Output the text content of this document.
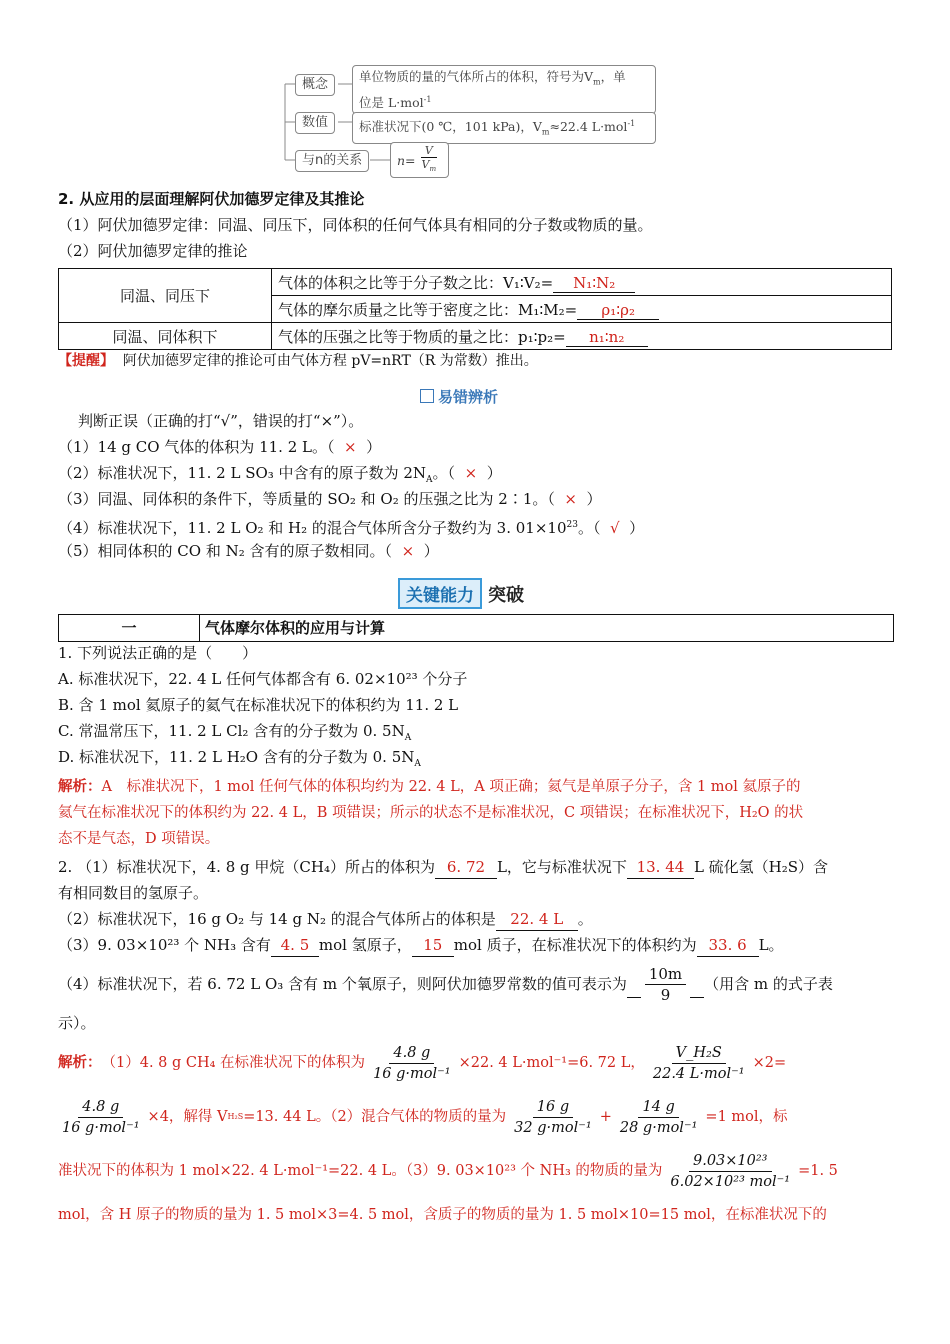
概念
单位物质的量的气体所占的体积，符号为$V_m$，单
位是 L·mol$^{-1}$
数值	标准状况下(0 ℃，101 kPa)，$V_m\approx 22.4$ L·mol$^{-1}$
与n的关系	$n= \frac{V}{V_m}$
2. 从应用的层面理解阿伏加德罗定律及其推论
（1）阿伏加德罗定律：同温、同压下，同体积的任何气体具有相同的分子数或物质的量。
（2）阿伏加德罗定律的推论
同温、同压下	气体的体积之比等于分子数之比：V₁∶V₂= N₁∶N₂
	气体的摩尔质量之比等于密度之比：M₁∶M₂= ρ₁∶ρ₂
同温、同体积下	气体的压强之比等于物质的量之比：p₁∶p₂= n₁∶n₂
【提醒】 阿伏加德罗定律的推论可由气体方程 pV=nRT（R 为常数）推出。
易错辨析
判断正误（正确的打“√”，错误的打“×”）。
（1）14 g CO 气体的体积为 11. 2 L。（ × ）
（2）标准状况下，11. 2 L SO₃ 中含有的原子数为 $2N_A$。（ × ）
（3）同温、同体积的条件下，等质量的 SO₂ 和 O₂ 的压强之比为 2∶1。（ × ）
（4）标准状况下，11. 2 L O₂ 和 H₂ 的混合气体所含分子数约为 3. $01\times 10^{23}$。（ √ ）
（5）相同体积的 CO 和 N₂ 含有的原子数相同。（ × ）
关键能力 突破
一	气体摩尔体积的应用与计算
1. 下列说法正确的是（　　）
A. 标准状况下，22. 4 L 任何气体都含有 6. 02×10²³ 个分子
B. 含 1 mol 氦原子的氦气在标准状况下的体积约为 11. 2 L
C. 常温常压下，11. 2 L Cl₂ 含有的分子数为 0. $5N_A$
D. 标准状况下，11. 2 L H₂O 含有的分子数为 0. $5N_A$
解析：A　标准状况下，1 mol 任何气体的体积均约为 22. 4 L，A 项正确；氦气是单原子分子，含 1 mol 氦原子的
氦气在标准状况下的体积约为 22. 4 L，B 项错误；所示的状态不是标准状况，C 项错误；在标准状况下，H₂O 的状
态不是气态，D 项错误。
2. （1）标准状况下，4. 8 g 甲烷（CH₄）所占的体积为 6. 72 L，它与标准状况下 13. 44 L 硫化氢（H₂S）含
有相同数目的氢原子。
（2）标准状况下，16 g O₂ 与 14 g N₂ 的混合气体所占的体积是 22. 4 L 。
（3）9. 03×10²³ 个 NH₃ 含有 4. 5 mol 氢原子， 15 mol 质子，在标准状况下的体积约为 33. 6 L。
（4）标准状况下，若 6. 72 L O₃ 含有 m 个氧原子，则阿伏加德罗常数的值可表示为 $\frac{10m}{9}$ （用含 m 的式子表
示）。
解析： （1）4. 8 g CH₄ 在标准状况下的体积为 $\frac{4.8 g}{\text{16 g·mol⁻¹}} \times 22$. 4 L·mol⁻¹=6. 72 L， $\frac{\text{V\_H₂S}}{\text{22.4 L·mol⁻¹}} \times 2=$
$\frac{4.8 g}{\text{16 g·mol⁻¹}} \times 4$，解得 V H₂S =13. 44 L。（2）混合气体的物质的量为 $\frac{16 g}{\text{32 g·mol⁻¹}} + \frac{14 g}{\text{28 g·mol⁻¹}} =1$ mol，标
准状况下的体积为 1 mol×22. 4 L·mol⁻¹=22. 4 L。（3）9. 03×10²³ 个 NH₃ 的物质的量为 $\frac{\text{9.03×10²³}}{\text{6.02×10²³ mol⁻¹}} =1$. 5
mol，含 H 原子的物质的量为 1. 5 mol×3=4. 5 mol，含质子的物质的量为 1. 5 mol×10=15 mol，在标准状况下的
